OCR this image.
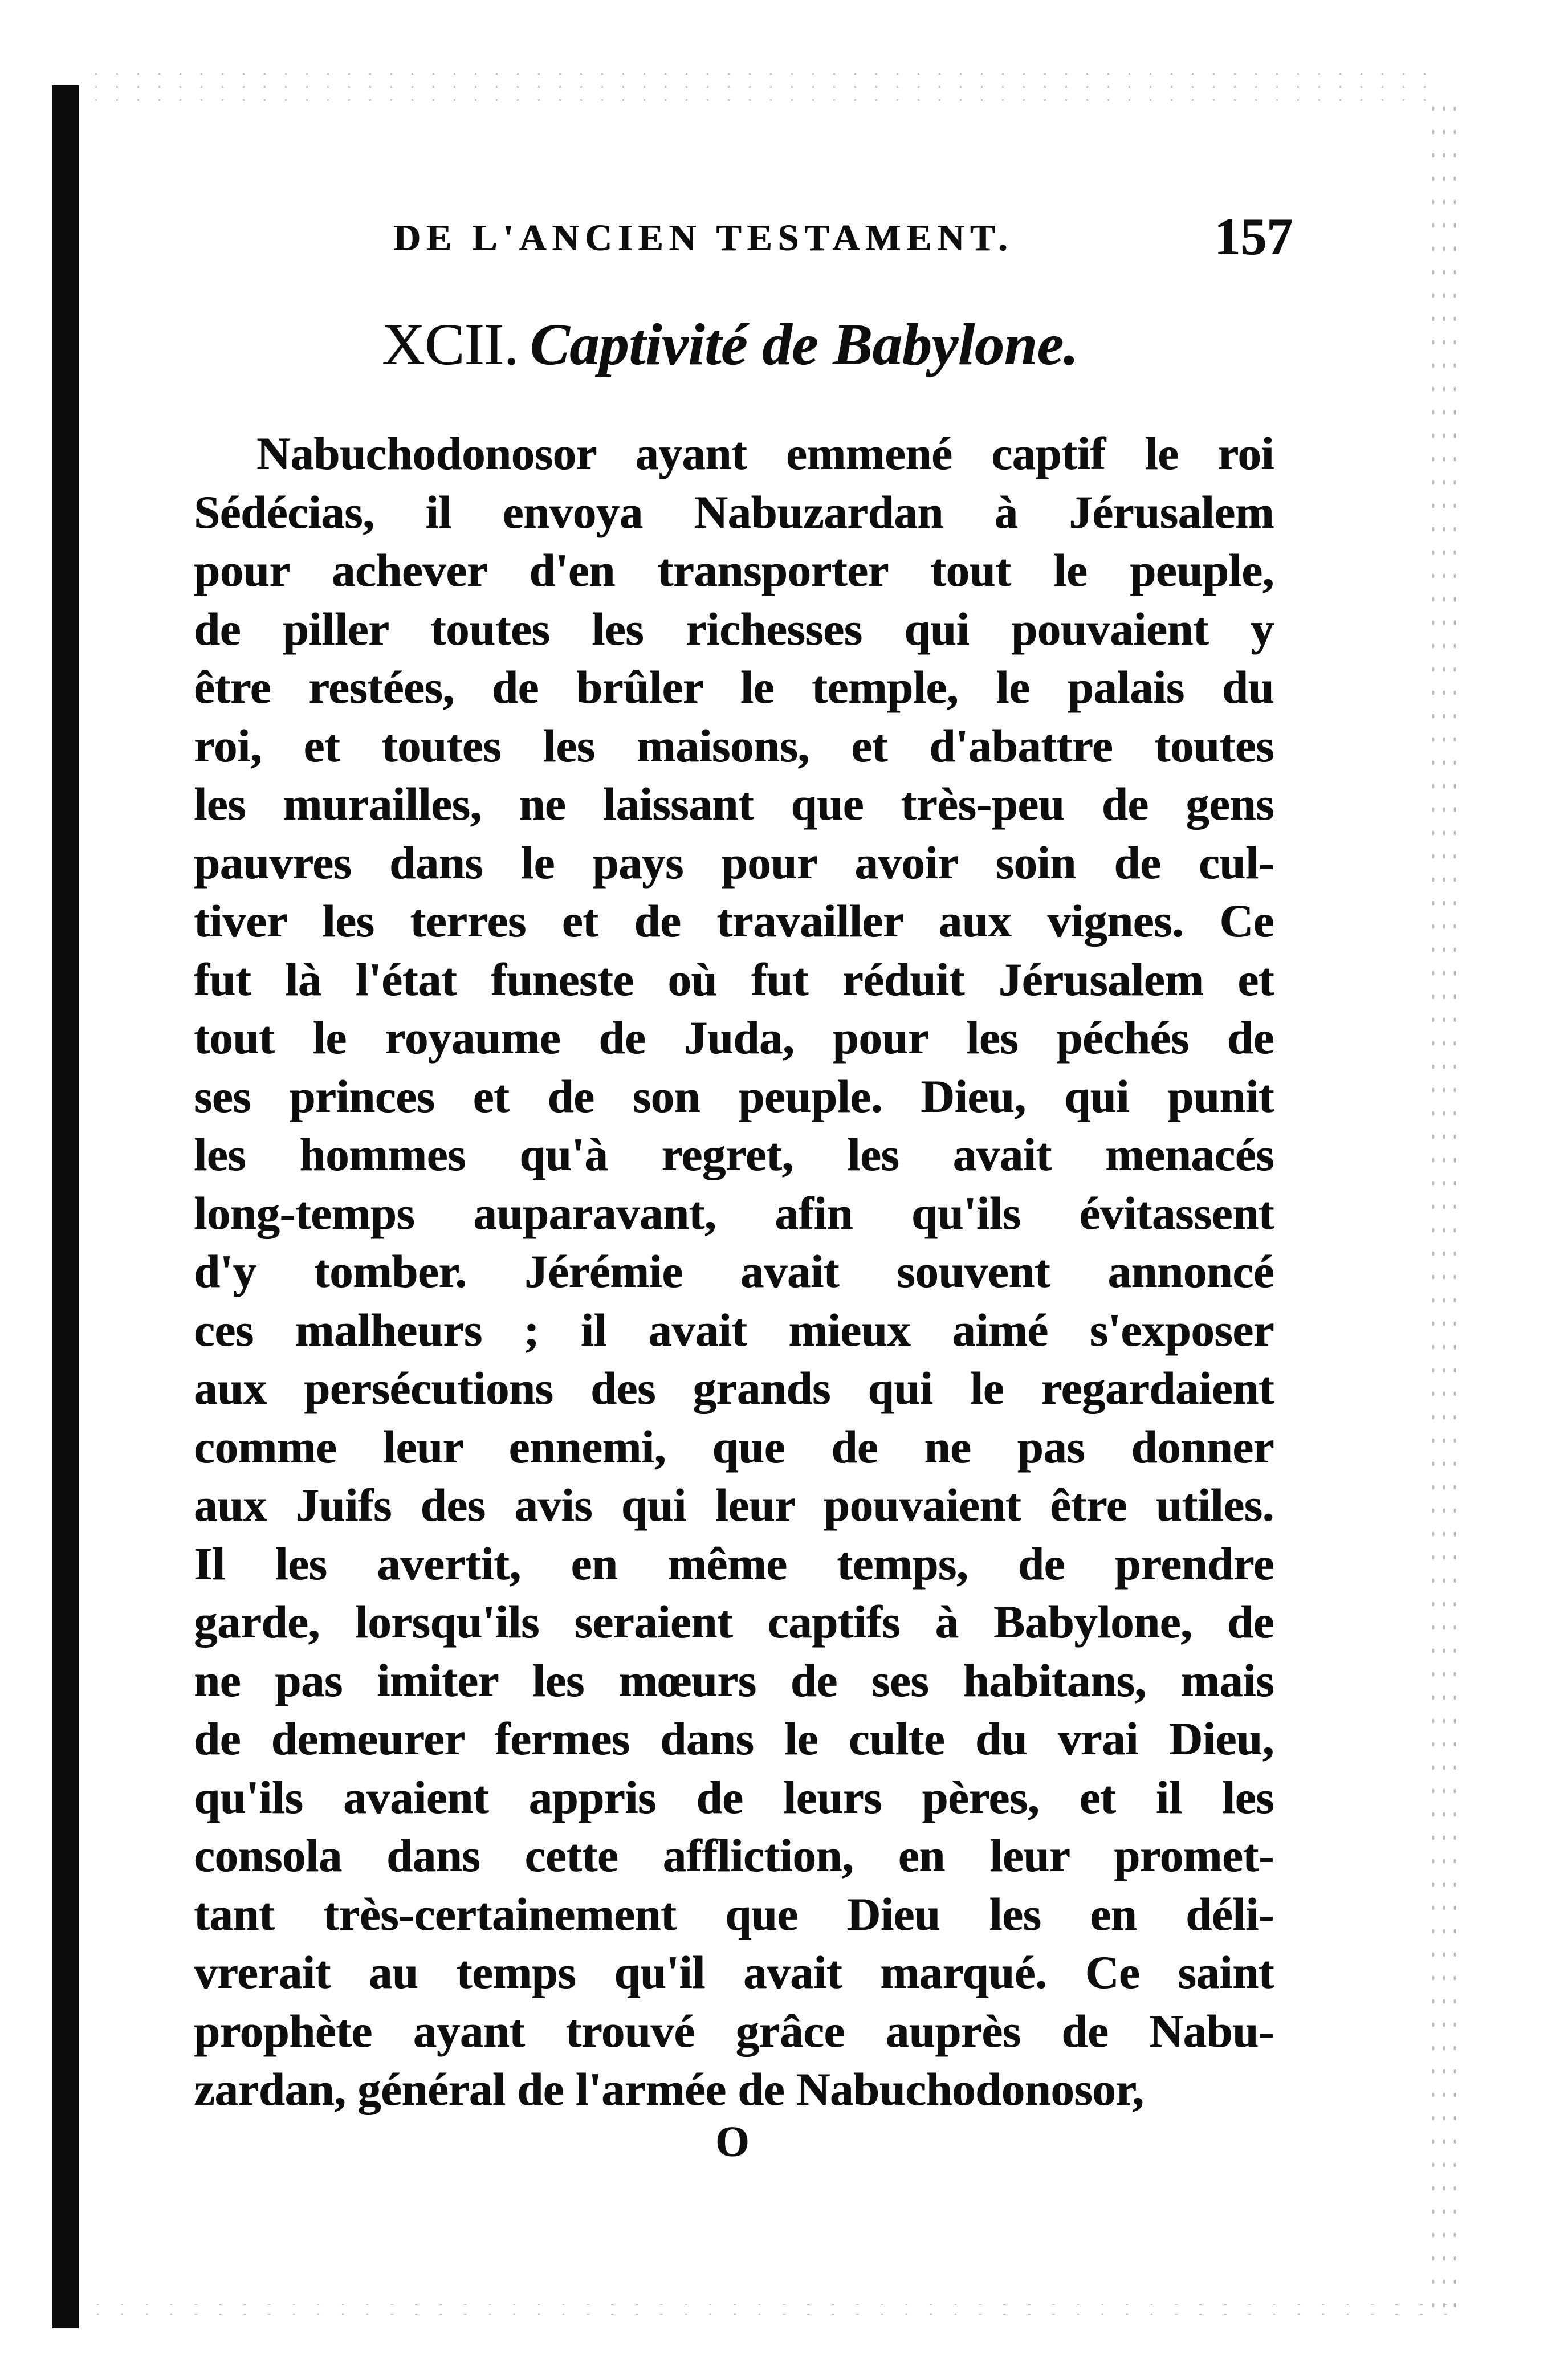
DE L'ANCIEN TESTAMENT.	157
XCII. Captivité de Babylone.
Nabuchodonosor ayant emmené captif le roi
Sédécias, il envoya Nabuzardan à Jérusalem
pour achever d'en transporter tout le peuple,
de piller toutes les richesses qui pouvaient y
être restées, de brûler le temple, le palais du
roi, et toutes les maisons, et d'abattre toutes
les murailles, ne laissant que très-peu de gens
pauvres dans le pays pour avoir soin de cul-
tiver les terres et de travailler aux vignes. Ce
fut là l'état funeste où fut réduit Jérusalem et
tout le royaume de Juda, pour les péchés de
ses princes et de son peuple. Dieu, qui punit
les hommes qu'à regret, les avait menacés
long-temps auparavant, afin qu'ils évitassent
d'y tomber. Jérémie avait souvent annoncé
ces malheurs ; il avait mieux aimé s'exposer
aux persécutions des grands qui le regardaient
comme leur ennemi, que de ne pas donner
aux Juifs des avis qui leur pouvaient être utiles.
Il les avertit, en même temps, de prendre
garde, lorsqu'ils seraient captifs à Babylone, de
ne pas imiter les mœurs de ses habitans, mais
de demeurer fermes dans le culte du vrai Dieu,
qu'ils avaient appris de leurs pères, et il les
consola dans cette affliction, en leur promet-
tant très-certainement que Dieu les en déli-
vrerait au temps qu'il avait marqué. Ce saint
prophète ayant trouvé grâce auprès de Nabu-
zardan, général de l'armée de Nabuchodonosor,
O
